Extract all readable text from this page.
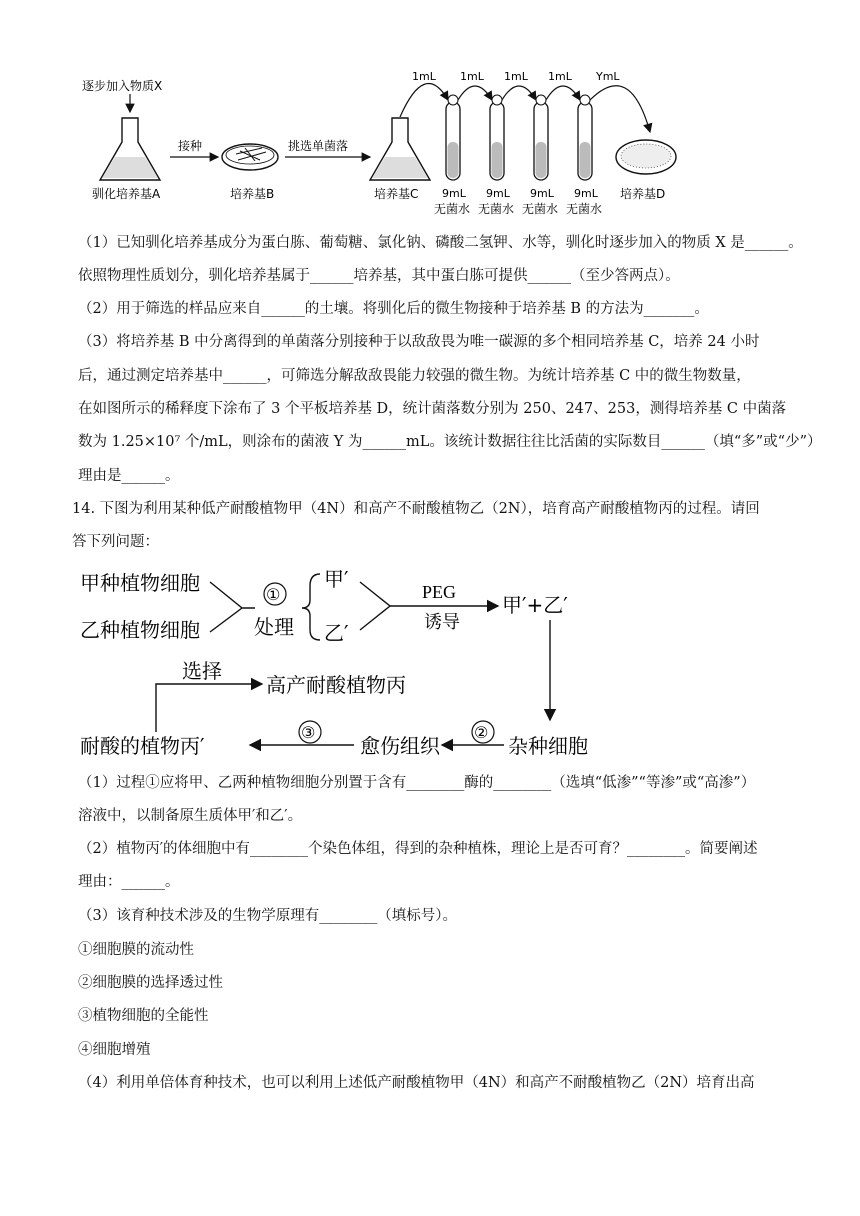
逐步加入物质X
驯化培养基A
接种
培养基B
挑选单菌落
培养基C
1mL 1mL 1mL 1mL YmL
9mL 9mL 9mL 9mL
无菌水 无菌水 无菌水 无菌水
培养基D
（1）已知驯化培养基成分为蛋白胨、葡萄糖、氯化钠、磷酸二氢钾、水等，驯化时逐步加入的物质 X 是______。
依照物理性质划分，驯化培养基属于______培养基，其中蛋白胨可提供______（至少答两点）。
（2）用于筛选的样品应来自______的土壤。将驯化后的微生物接种于培养基 B 的方法为_______。
（3）将培养基 B 中分离得到的单菌落分别接种于以敌敌畏为唯一碳源的多个相同培养基 C，培养 24 小时
后，通过测定培养基中______，可筛选分解敌敌畏能力较强的微生物。为统计培养基 C 中的微生物数量，
在如图所示的稀释度下涂布了 3 个平板培养基 D，统计菌落数分别为 250、247、253，测得培养基 C 中菌落
数为 1.25×10⁷ 个/mL，则涂布的菌液 Y 为______mL。该统计数据往往比活菌的实际数目______（填“多”或“少”）
理由是______。
14. 下图为利用某种低产耐酸植物甲（4N）和高产不耐酸植物乙（2N），培育高产耐酸植物丙的过程。请回
答下列问题：
甲种植物细胞
乙种植物细胞
①
处理
甲′
乙′
PEG
诱导
甲′+乙′
杂种细胞
②
愈伤组织
③
耐酸的植物丙′
选择
高产耐酸植物丙
（1）过程①应将甲、乙两种植物细胞分别置于含有________酶的________（选填“低渗”“等渗”或“高渗”）
溶液中，以制备原生质体甲′和乙′。
（2）植物丙′的体细胞中有________个染色体组，得到的杂种植株，理论上是否可育？________。简要阐述
理由：______。
（3）该育种技术涉及的生物学原理有________（填标号）。
①细胞膜的流动性
②细胞膜的选择透过性
③植物细胞的全能性
④细胞增殖
（4）利用单倍体育种技术，也可以利用上述低产耐酸植物甲（4N）和高产不耐酸植物乙（2N）培育出高
